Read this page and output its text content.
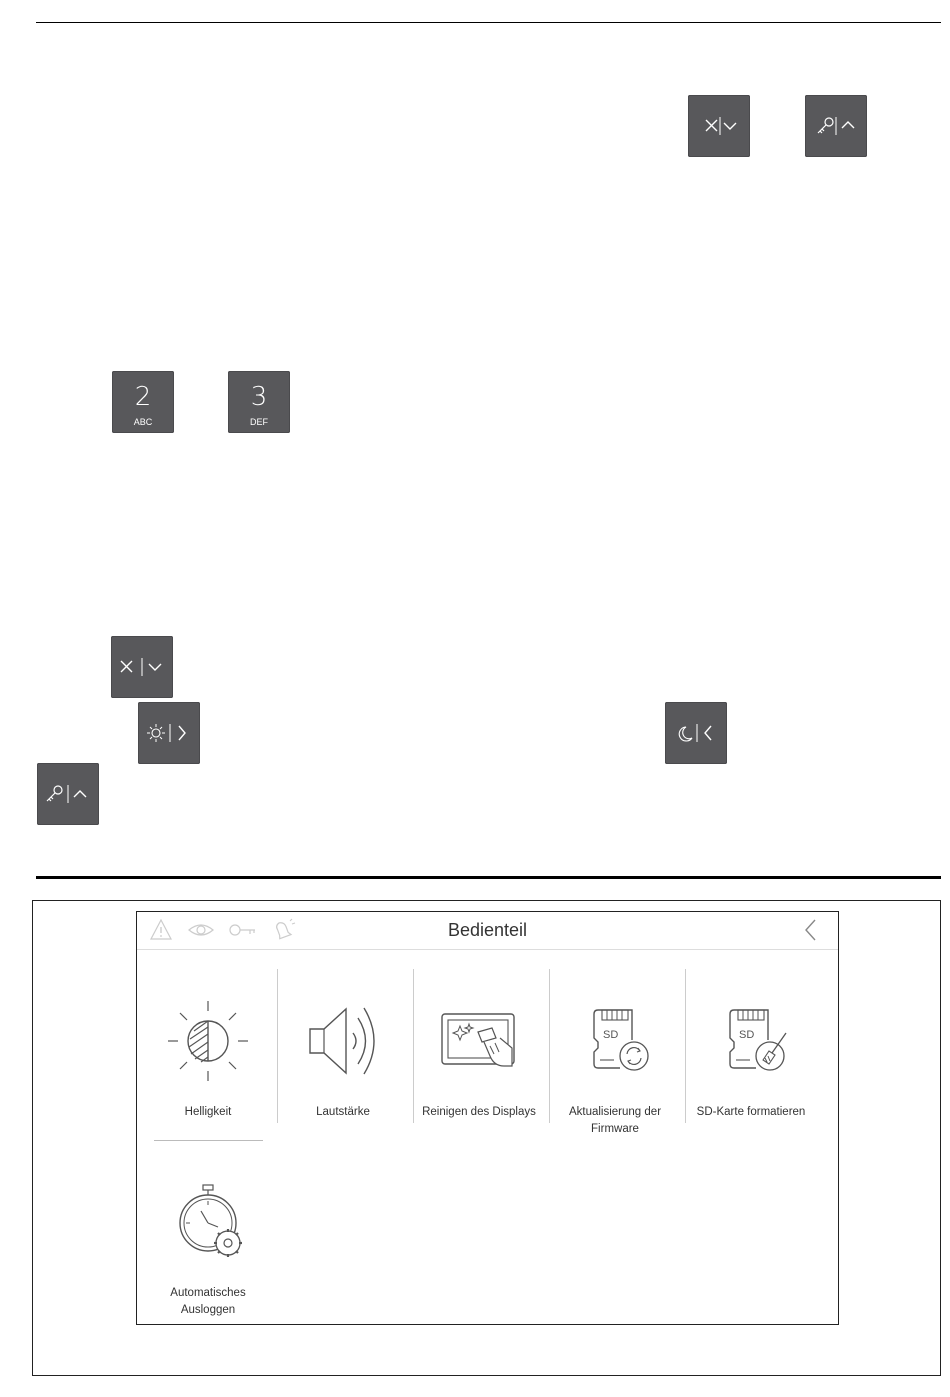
2
ABC
3
DEF
Bedienteil
Helligkeit	Lautstärke	Reinigen des Displays
SD
Aktualisierung der Firmware
SD
SD-Karte formatieren
Automatisches Ausloggen
